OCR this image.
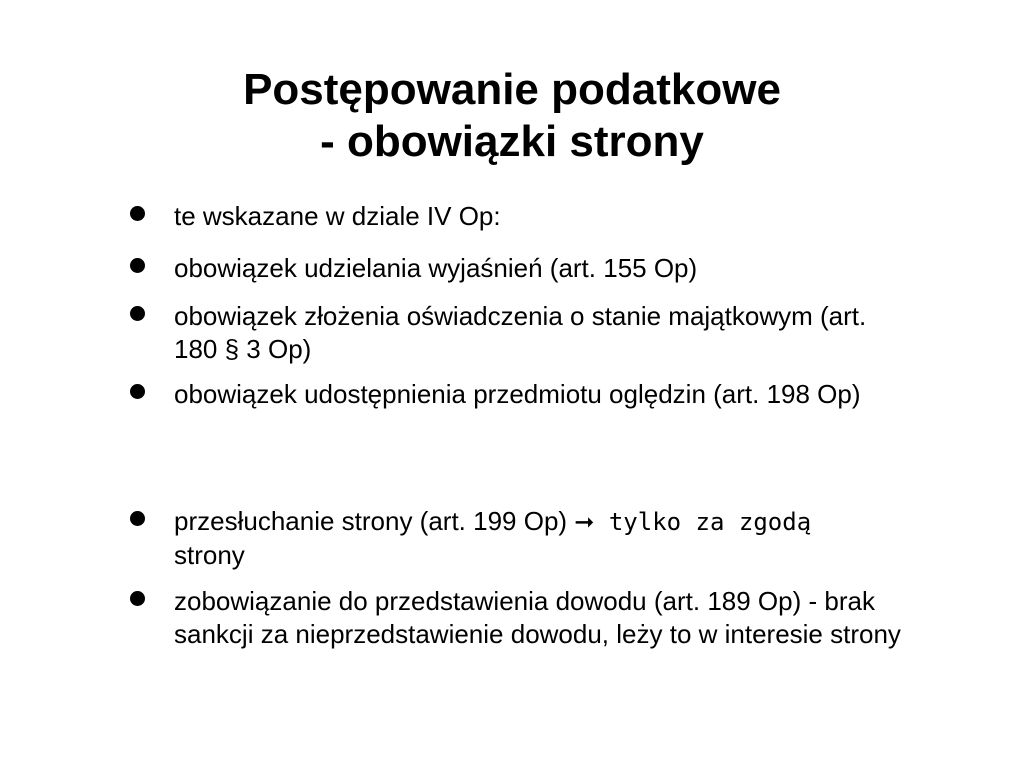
Postępowanie podatkowe
- obowiązki strony
te wskazane w dziale IV Op:
obowiązek udzielania wyjaśnień (art. 155 Op)
obowiązek złożenia oświadczenia o stanie majątkowym (art. 180 § 3 Op)
obowiązek udostępnienia przedmiotu oględzin (art. 198 Op)
przesłuchanie strony (art. 199 Op) ➞ tylko za zgodą
strony
zobowiązanie do przedstawienia dowodu (art. 189 Op) - brak sankcji za nieprzedstawienie dowodu, leży to w interesie strony
